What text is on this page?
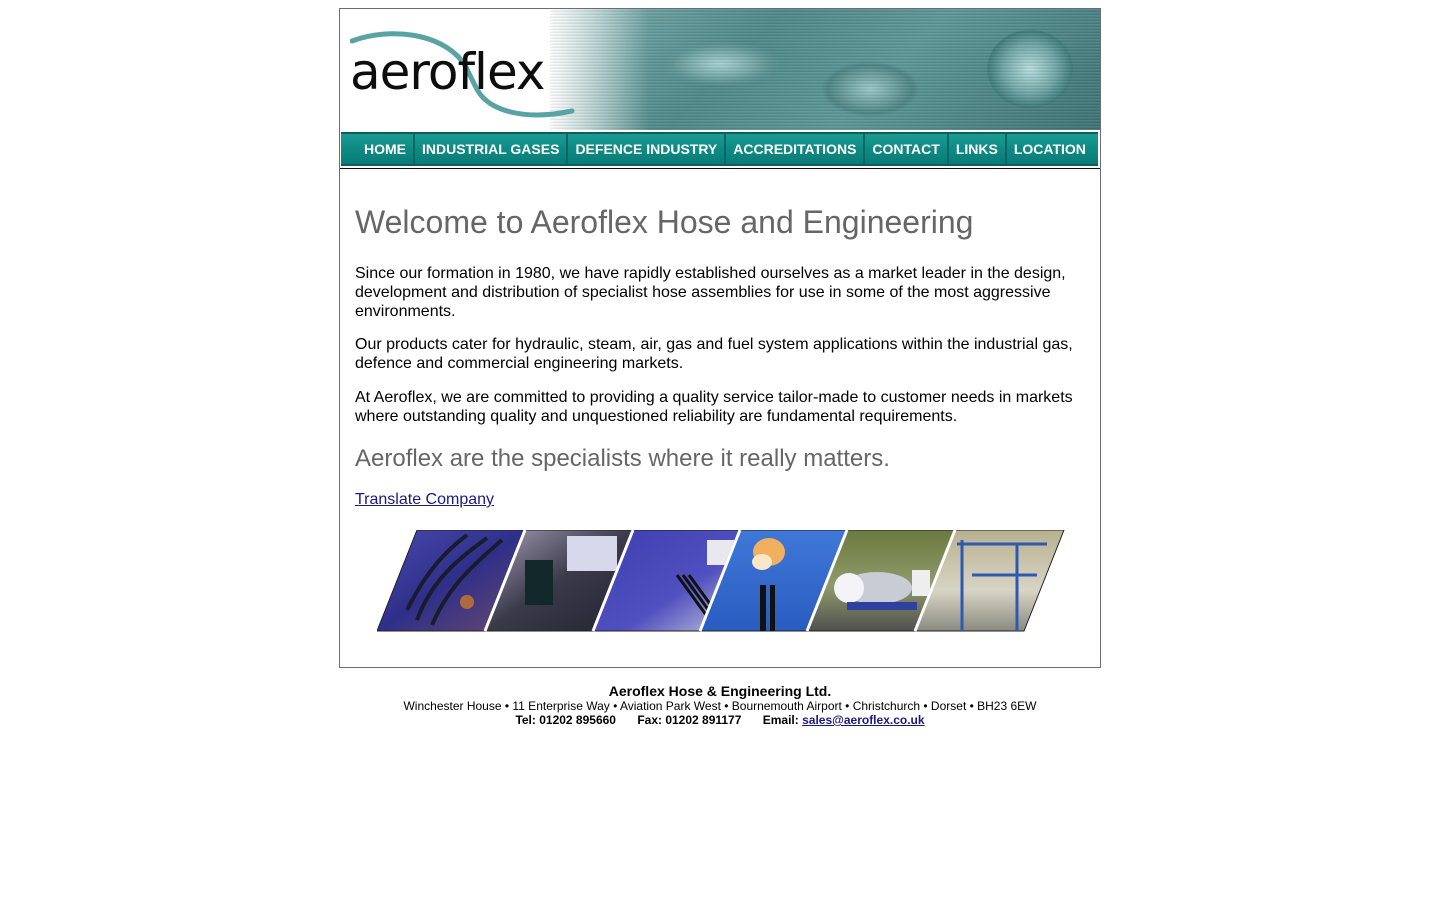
aeroflex
HOME	INDUSTRIAL GASES	DEFENCE INDUSTRY	ACCREDITATIONS	CONTACT	LINKS	LOCATION
Welcome to Aeroflex Hose and Engineering

Since our formation in 1980, we have rapidly established ourselves as a market leader in the design, development and distribution of specialist hose assemblies for use in some of the most aggressive environments.

Our products cater for hydraulic, steam, air, gas and fuel system applications within the industrial gas, defence and commercial engineering markets.

At Aeroflex, we are committed to providing a quality service tailor-made to customer needs in markets where outstanding quality and unquestioned reliability are fundamental requirements.

Aeroflex are the specialists where it really matters.
Translate Company
Aeroflex Hose & Engineering Ltd.
Winchester House • 11 Enterprise Way • Aviation Park West • Bournemouth Airport • Christchurch • Dorset • BH23 6EW
Tel: 01202 895660 Fax: 01202 891177 Email: sales@aeroflex.co.uk
